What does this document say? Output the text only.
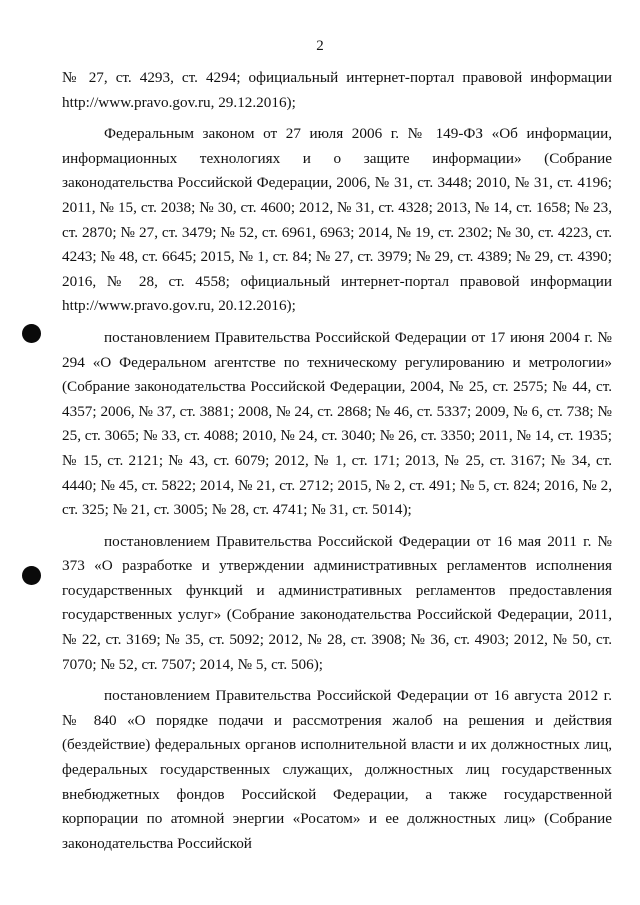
2

№ 27, ст. 4293, ст. 4294; официальный интернет-портал правовой информации http://www.pravo.gov.ru, 29.12.2016);

Федеральным законом от 27 июля 2006 г. № 149-ФЗ «Об информации, информационных технологиях и о защите информации» (Собрание законодательства Российской Федерации, 2006, № 31, ст. 3448; 2010, № 31, ст. 4196; 2011, № 15, ст. 2038; № 30, ст. 4600; 2012, № 31, ст. 4328; 2013, № 14, ст. 1658; № 23, ст. 2870; № 27, ст. 3479; № 52, ст. 6961, 6963; 2014, № 19, ст. 2302; № 30, ст. 4223, ст. 4243; № 48, ст. 6645; 2015, № 1, ст. 84; № 27, ст. 3979; № 29, ст. 4389; № 29, ст. 4390; 2016, № 28, ст. 4558; официальный интернет-портал правовой информации http://www.pravo.gov.ru, 20.12.2016);

постановлением Правительства Российской Федерации от 17 июня 2004 г. № 294 «О Федеральном агентстве по техническому регулированию и метрологии» (Собрание законодательства Российской Федерации, 2004, № 25, ст. 2575; № 44, ст. 4357; 2006, № 37, ст. 3881; 2008, № 24, ст. 2868; № 46, ст. 5337; 2009, № 6, ст. 738; № 25, ст. 3065; № 33, ст. 4088; 2010, № 24, ст. 3040; № 26, ст. 3350; 2011, № 14, ст. 1935; № 15, ст. 2121; № 43, ст. 6079; 2012, № 1, ст. 171; 2013, № 25, ст. 3167; № 34, ст. 4440; № 45, ст. 5822; 2014, № 21, ст. 2712; 2015, № 2, ст. 491; № 5, ст. 824; 2016, № 2, ст. 325; № 21, ст. 3005; № 28, ст. 4741; № 31, ст. 5014);

постановлением Правительства Российской Федерации от 16 мая 2011 г. № 373 «О разработке и утверждении административных регламентов исполнения государственных функций и административных регламентов предоставления государственных услуг» (Собрание законодательства Российской Федерации, 2011, № 22, ст. 3169; № 35, ст. 5092; 2012, № 28, ст. 3908; № 36, ст. 4903; 2012, № 50, ст. 7070; № 52, ст. 7507; 2014, № 5, ст. 506);

постановлением Правительства Российской Федерации от 16 августа 2012 г. № 840 «О порядке подачи и рассмотрения жалоб на решения и действия (бездействие) федеральных органов исполнительной власти и их должностных лиц, федеральных государственных служащих, должностных лиц государственных внебюджетных фондов Российской Федерации, а также государственной корпорации по атомной энергии «Росатом» и ее должностных лиц» (Собрание законодательства Российской
